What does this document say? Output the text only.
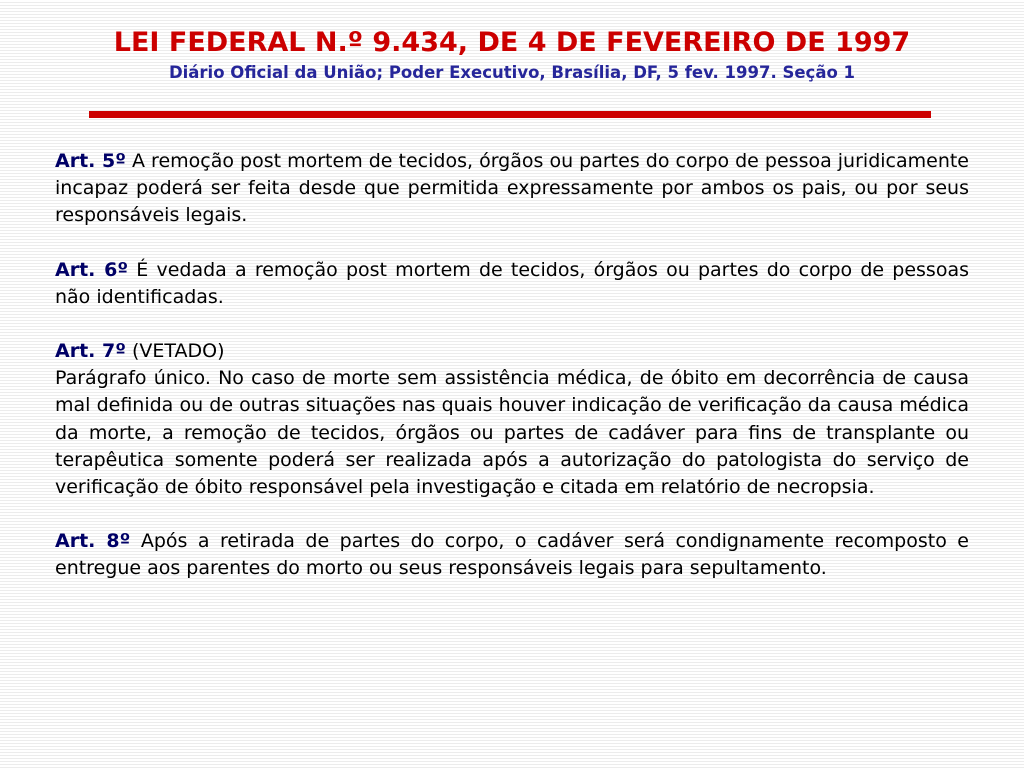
LEI FEDERAL N.º 9.434, DE 4 DE FEVEREIRO DE 1997
Diário Oficial da União; Poder Executivo, Brasília, DF, 5 fev. 1997. Seção 1
Art. 5º A remoção post mortem de tecidos, órgãos ou partes do corpo de pessoa juridicamente incapaz poderá ser feita desde que permitida expressamente por ambos os pais, ou por seus responsáveis legais.
Art. 6º É vedada a remoção post mortem de tecidos, órgãos ou partes do corpo de pessoas não identificadas.

Art. 7º (VETADO)

Parágrafo único. No caso de morte sem assistência médica, de óbito em decorrência de causa mal definida ou de outras situações nas quais houver indicação de verificação da causa médica da morte, a remoção de tecidos, órgãos ou partes de cadáver para fins de transplante ou terapêutica somente poderá ser realizada após a autorização do patologista do serviço de verificação de óbito responsável pela investigação e citada em relatório de necropsia.

Art. 8º Após a retirada de partes do corpo, o cadáver será condignamente recomposto e entregue aos parentes do morto ou seus responsáveis legais para sepultamento.
